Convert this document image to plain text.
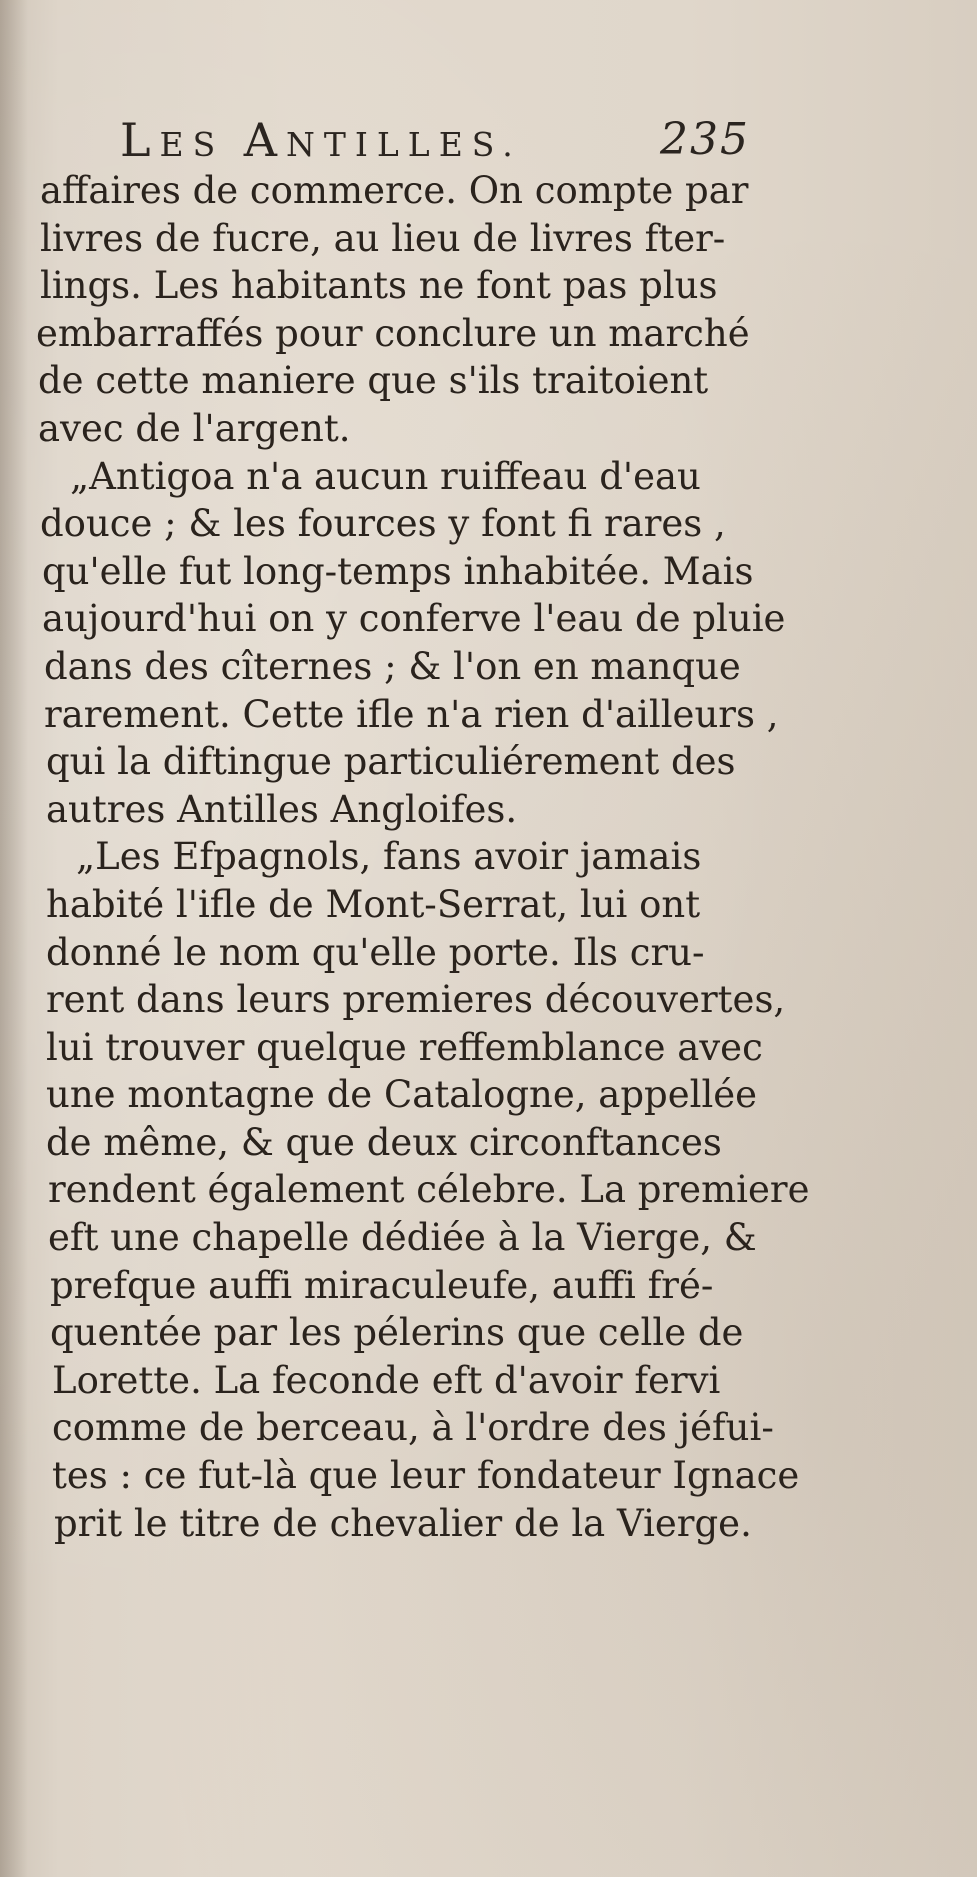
LES ANTILLES.	235
affaires de commerce. On compte par
livres de fucre, au lieu de livres fter-
lings. Les habitants ne font pas plus
embarraffés pour conclure un marché
de cette maniere que s'ils traitoient
avec de l'argent.
„Antigoa n'a aucun ruiffeau d'eau
douce ; & les fources y font fi rares ,
qu'elle fut long-temps inhabitée. Mais
aujourd'hui on y conferve l'eau de pluie
dans des cîternes ; & l'on en manque
rarement. Cette ifle n'a rien d'ailleurs ,
qui la diftingue particuliérement des
autres Antilles Angloifes.
„Les Efpagnols, fans avoir jamais
habité l'ifle de Mont-Serrat, lui ont
donné le nom qu'elle porte. Ils cru-
rent dans leurs premieres découvertes,
lui trouver quelque reffemblance avec
une montagne de Catalogne, appellée
de même, & que deux circonftances
rendent également célebre. La premiere
eft une chapelle dédiée à la Vierge, &
prefque auffi miraculeufe, auffi fré-
quentée par les pélerins que celle de
Lorette. La feconde eft d'avoir fervi
comme de berceau, à l'ordre des jéfui-
tes : ce fut-là que leur fondateur Ignace
prit le titre de chevalier de la Vierge.
